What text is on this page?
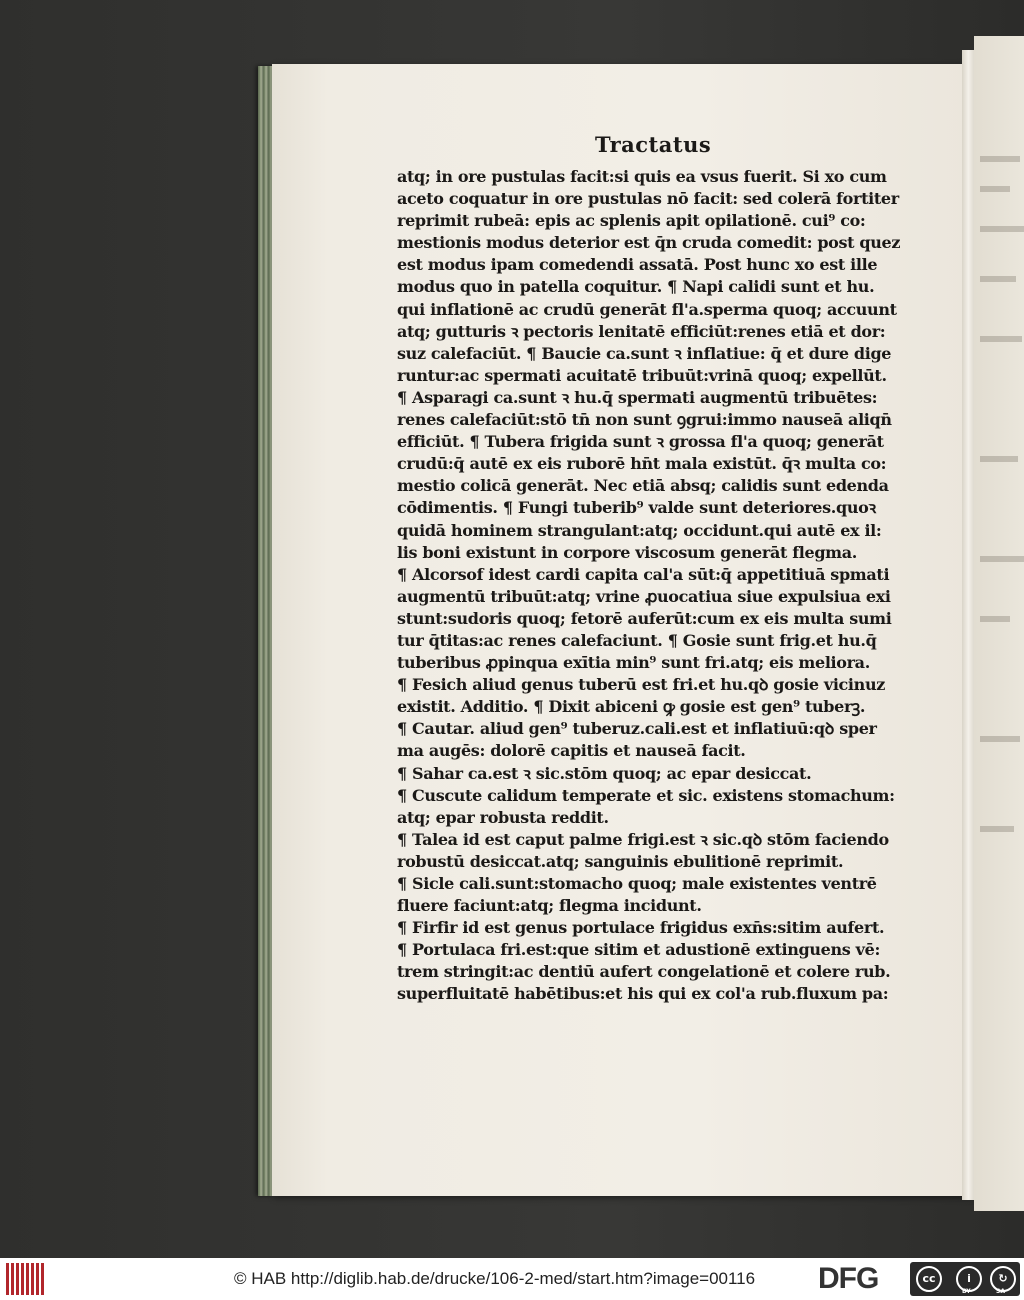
Tractatus
atq; in ore pustulas facit:si quis ea vsus fuerit. Si xo cum
aceto coquatur in ore pustulas nō facit: sed colerā fortiter
reprimit rubeā: epis ac splenis apit opilationē. cui⁹ co:
mestionis modus deterior est q̄n cruda comedit: post quez
est modus ipam comedendi assatā. Post hunc xo est ille
modus quo in patella coquitur. ¶ Napi calidi sunt et hu.
qui inflationē ac crudū generāt fl'a.sperma quoq; accuunt
atq; gutturis ꝛ pectoris lenitatē efficiūt:renes etiā et dor:
suz calefaciūt. ¶ Baucie ca.sunt ꝛ inflatiue: q̄ et dure dige
runtur:ac spermati acuitatē tribuūt:vrinā quoq; expellūt.
¶ Asparagi ca.sunt ꝛ hu.q̄ spermati augmentū tribuētes:
renes calefaciūt:stō tn̄ non sunt ꝯgrui:immo nauseā aliqn̄
efficiūt. ¶ Tubera frigida sunt ꝛ grossa fl'a quoq; generāt
crudū:q̄ autē ex eis ruborē hn̄t mala existūt. q̄ꝛ multa co:
mestio colicā generāt. Nec etiā absq; calidis sunt edenda
cōdimentis. ¶ Fungi tuberib⁹ valde sunt deteriores.quoꝛ
quidā hominem strangulant:atq; occidunt.qui autē ex il:
lis boni existunt in corpore viscosum generāt flegma.
¶ Alcorsof idest cardi capita cal'a sūt:q̄ appetitiuā spmati
augmentū tribuūt:atq; vrine ꝓuocatiua siue expulsiua exi
stunt:sudoris quoq; fetorē auferūt:cum ex eis multa sumi
tur q̄titas:ac renes calefaciunt. ¶ Gosie sunt frig.et hu.q̄
tuberibus ꝓpinqua exītia min⁹ sunt fri.atq; eis meliora.
¶ Fesich aliud genus tuberū est fri.et hu.qꝺ gosie vicinuz
existit. Additio. ¶ Dixit abiceni ꝙ gosie est gen⁹ tuberꝫ.
¶ Cautar. aliud gen⁹ tuberuz.cali.est et inflatiuū:qꝺ sper
ma augēs: dolorē capitis et nauseā facit.
¶ Sahar ca.est ꝛ sic.stōm quoq; ac epar desiccat.
¶ Cuscute calidum temperate et sic. existens stomachum:
atq; epar robusta reddit.
¶ Talea id est caput palme frigi.est ꝛ sic.qꝺ stōm faciendo
robustū desiccat.atq; sanguinis ebulitionē reprimit.
¶ Sicle cali.sunt:stomacho quoq; male existentes ventrē
fluere faciunt:atq; flegma incidunt.
¶ Firfir id est genus portulace frigidus exn̄s:sitim aufert.
¶ Portulaca fri.est:que sitim et adustionē extinguens vē:
trem stringit:ac dentiū aufert congelationē et colere rub.
superfluitatē habētibus:et his qui ex col'a rub.fluxum pa:
© HAB http://diglib.hab.de/drucke/106-2-med/start.htm?image=00116 DFG	cc	i	↻
BY	SA
